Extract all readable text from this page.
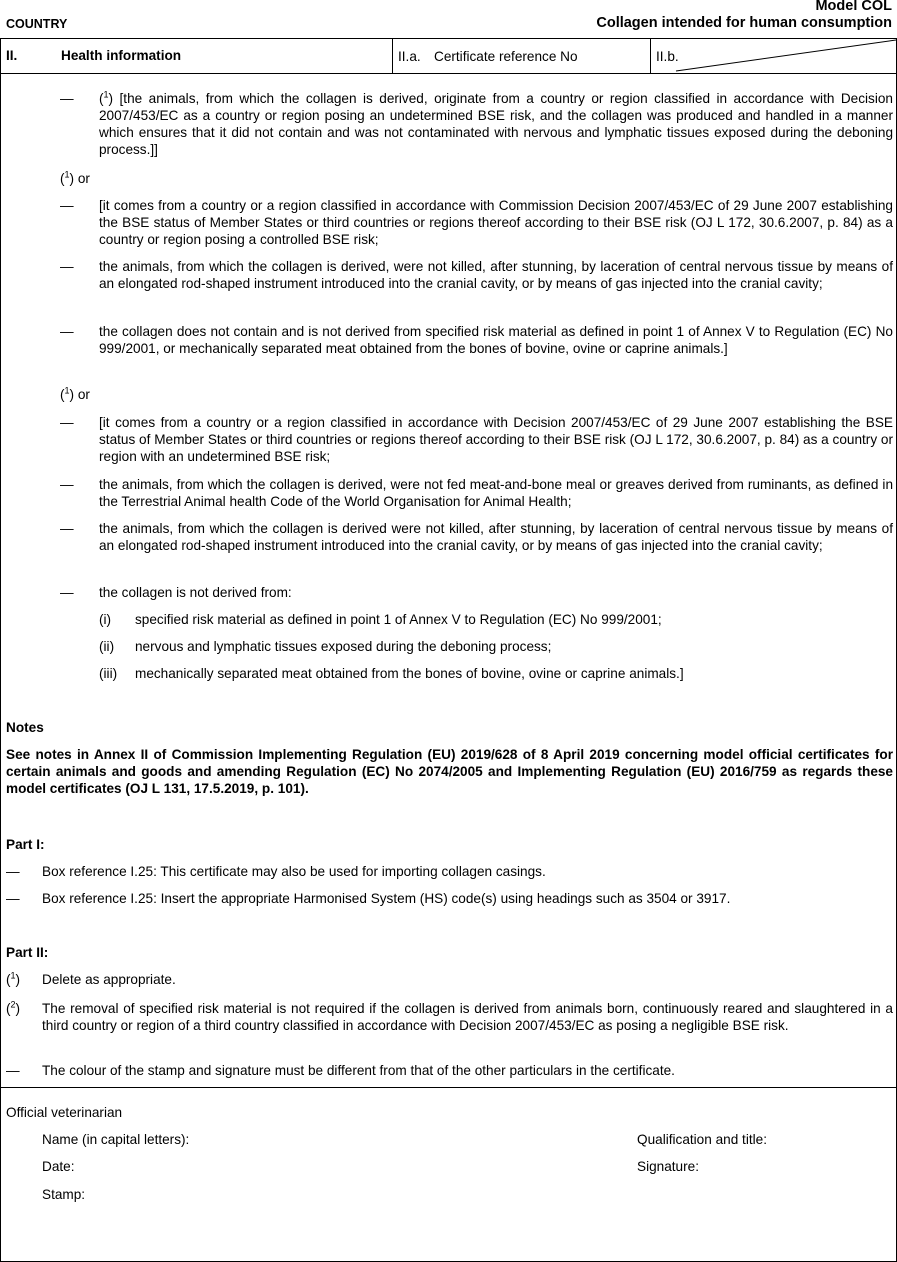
COUNTRY
Model COL
Collagen intended for human consumption
II.	Health information	II.a. Certificate reference No	II.b.
— ($^1$) [the animals, from which the collagen is derived, originate from a country or region classified in accordance with Decision 2007/453/EC as a country or region posing an undetermined BSE risk, and the collagen was produced and handled in a manner which ensures that it did not contain and was not contaminated with nervous and lymphatic tissues exposed during the deboning process.]]
($^1$) or
— [it comes from a country or a region classified in accordance with Commission Decision 2007/453/EC of 29 June 2007 establishing the BSE status of Member States or third countries or regions thereof according to their BSE risk (OJ L 172, 30.6.2007, p. 84) as a country or region posing a controlled BSE risk;
— the animals, from which the collagen is derived, were not killed, after stunning, by laceration of central nervous tissue by means of an elongated rod-shaped instrument introduced into the cranial cavity, or by means of gas injected into the cranial cavity;
— the collagen does not contain and is not derived from specified risk material as defined in point 1 of Annex V to Regulation (EC) No 999/2001, or mechanically separated meat obtained from the bones of bovine, ovine or caprine animals.]
($^1$) or
— [it comes from a country or a region classified in accordance with Decision 2007/453/EC of 29 June 2007 establishing the BSE status of Member States or third countries or regions thereof according to their BSE risk (OJ L 172, 30.6.2007, p. 84) as a country or region with an undetermined BSE risk;
— the animals, from which the collagen is derived, were not fed meat-and-bone meal or greaves derived from ruminants, as defined in the Terrestrial Animal health Code of the World Organisation for Animal Health;
— the animals, from which the collagen is derived were not killed, after stunning, by laceration of central nervous tissue by means of an elongated rod-shaped instrument introduced into the cranial cavity, or by means of gas injected into the cranial cavity;
— the collagen is not derived from:
(i) specified risk material as defined in point 1 of Annex V to Regulation (EC) No 999/2001;
(ii) nervous and lymphatic tissues exposed during the deboning process;
(iii) mechanically separated meat obtained from the bones of bovine, ovine or caprine animals.]
Notes
See notes in Annex II of Commission Implementing Regulation (EU) 2019/628 of 8 April 2019 concerning model official certificates for certain animals and goods and amending Regulation (EC) No 2074/2005 and Implementing Regulation (EU) 2016/759 as regards these model certificates (OJ L 131, 17.5.2019, p. 101).
Part I:
— Box reference I.25: This certificate may also be used for importing collagen casings.
— Box reference I.25: Insert the appropriate Harmonised System (HS) code(s) using headings such as 3504 or 3917.
Part II:
($^1$) Delete as appropriate.
($^2$) The removal of specified risk material is not required if the collagen is derived from animals born, continuously reared and slaughtered in a third country or region of a third country classified in accordance with Decision 2007/453/EC as posing a negligible BSE risk.
— The colour of the stamp and signature must be different from that of the other particulars in the certificate.
Official veterinarian
Name (in capital letters):	Qualification and title:
Date:	Signature:
Stamp:
